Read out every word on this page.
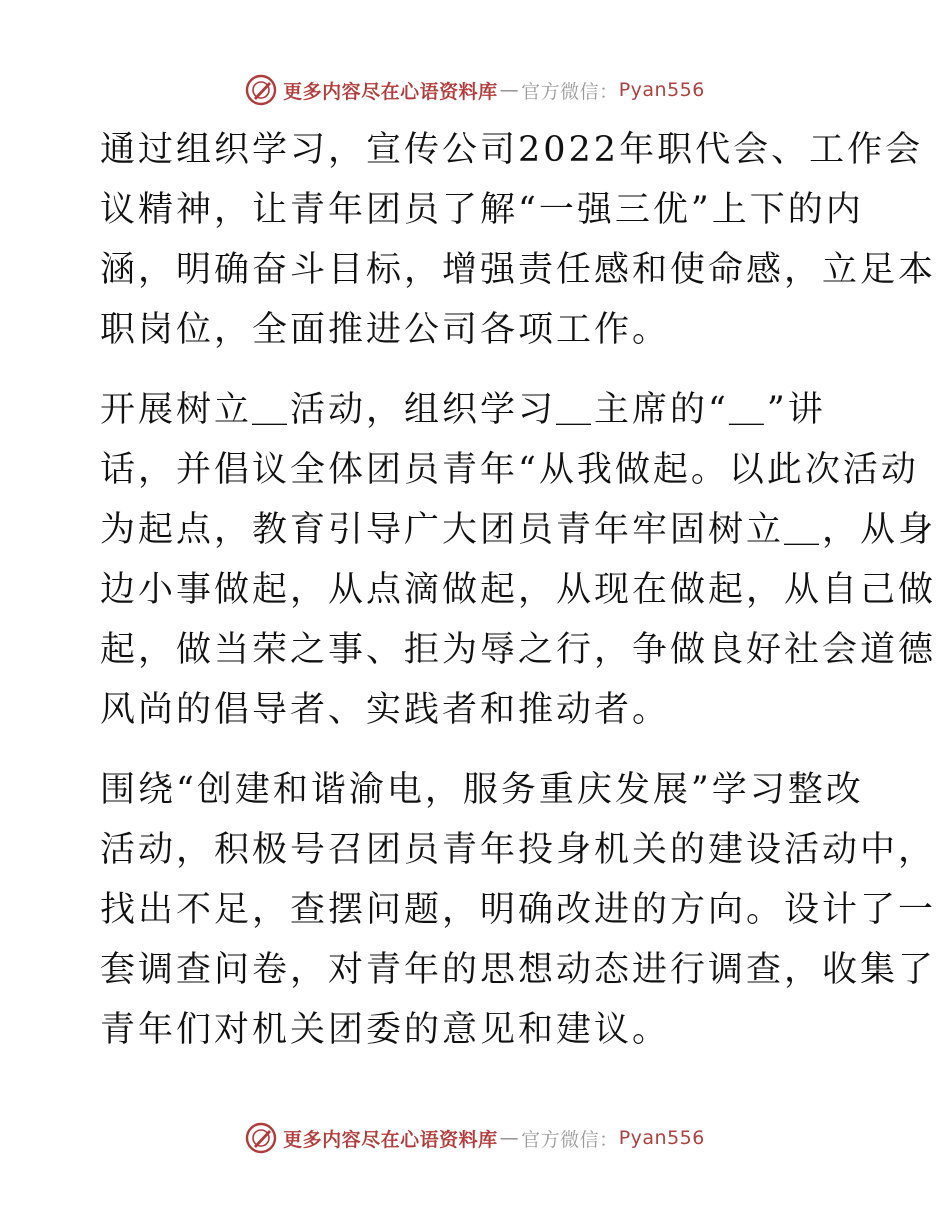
更多内容尽在心语资料库 — 官方微信： Pyan556

通过组织学习，宣传公司2022年职代会、工作会
议精神，让青年团员了解“一强三优”上下的内
涵，明确奋斗目标，增强责任感和使命感，立足本
职岗位，全面推进公司各项工作。

开展树立＿活动，组织学习＿主席的“＿”讲
话，并倡议全体团员青年“从我做起。以此次活动
为起点，教育引导广大团员青年牢固树立＿，从身
边小事做起，从点滴做起，从现在做起，从自己做
起，做当荣之事、拒为辱之行，争做良好社会道德
风尚的倡导者、实践者和推动者。

围绕“创建和谐渝电，服务重庆发展”学习整改
活动，积极号召团员青年投身机关的建设活动中，
找出不足，查摆问题，明确改进的方向。设计了一
套调查问卷，对青年的思想动态进行调查，收集了
青年们对机关团委的意见和建议。

更多内容尽在心语资料库 — 官方微信： Pyan556
